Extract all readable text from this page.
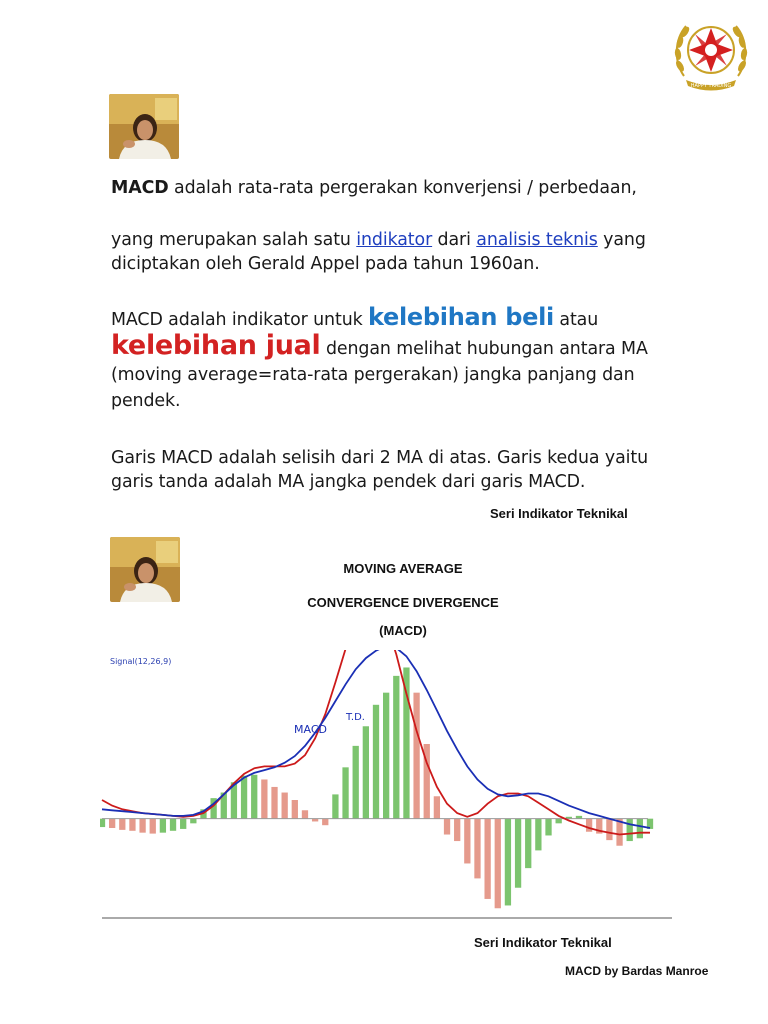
HAPPY TRADING
MACD adalah rata-rata pergerakan konverjensi / perbedaan,
yang merupakan salah satu indikator dari analisis teknis yang diciptakan oleh Gerald Appel pada tahun 1960an.
MACD adalah indikator untuk kelebihan beli atau
kelebihan jual dengan melihat hubungan antara MA (moving average=rata-rata pergerakan) jangka panjang dan pendek.
Garis MACD adalah selisih dari 2 MA di atas. Garis kedua yaitu garis tanda adalah MA jangka pendek dari garis MACD.
Seri Indikator Teknikal
MOVING AVERAGE
CONVERGENCE DIVERGENCE
(MACD)
Signal(12,26,9)
MACD
T.D.
Seri Indikator Teknikal
MACD by Bardas Manroe
